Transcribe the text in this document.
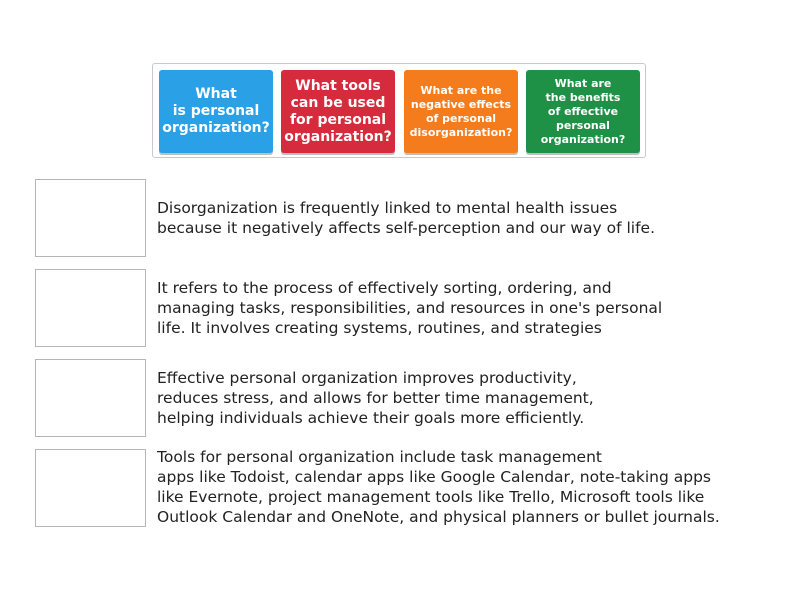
What
is personal
organization?
What tools
can be used
for personal
organization?
What are the
negative effects
of personal
disorganization?
What are
the benefits
of effective
personal
organization?
Disorganization is frequently linked to mental health issues
because it negatively affects self-perception and our way of life.
It refers to the process of effectively sorting, ordering, and
managing tasks, responsibilities, and resources in one's personal
life. It involves creating systems, routines, and strategies
Effective personal organization improves productivity,
reduces stress, and allows for better time management,
helping individuals achieve their goals more efficiently.
Tools for personal organization include task management
apps like Todoist, calendar apps like Google Calendar, note-taking apps
like Evernote, project management tools like Trello, Microsoft tools like
Outlook Calendar and OneNote, and physical planners or bullet journals.
